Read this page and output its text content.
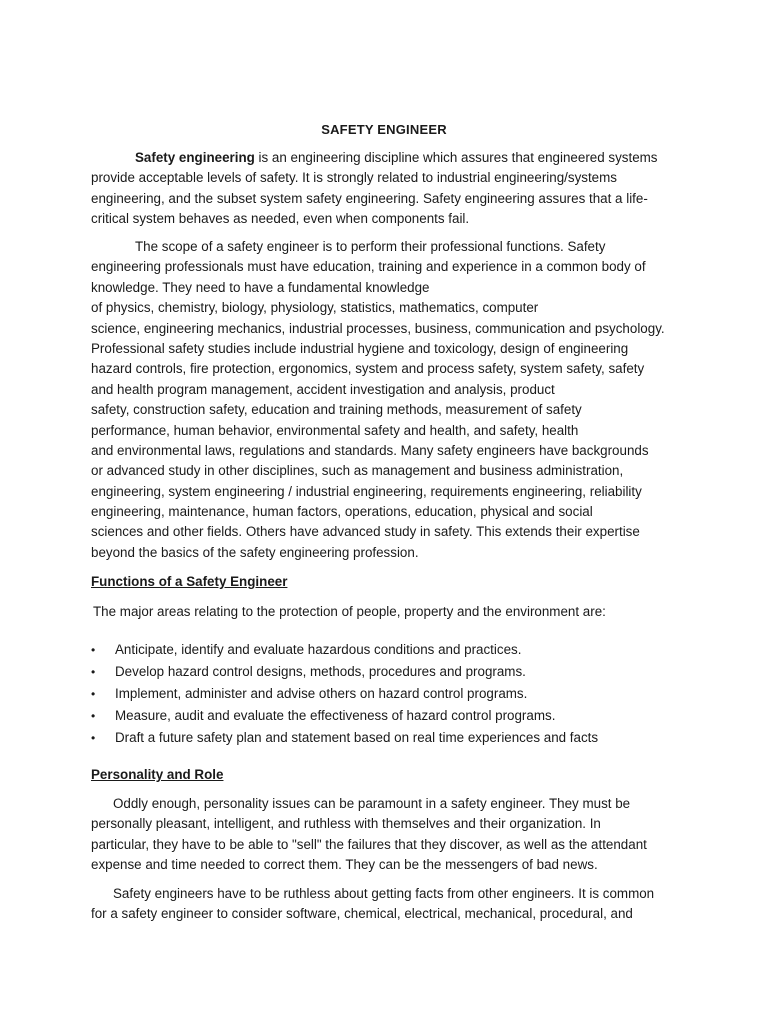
SAFETY ENGINEER
Safety engineering is an engineering discipline which assures that engineered systems
provide acceptable levels of safety. It is strongly related to industrial engineering/systems
engineering, and the subset system safety engineering. Safety engineering assures that a life-
critical system behaves as needed, even when components fail.
The scope of a safety engineer is to perform their professional functions. Safety
engineering professionals must have education, training and experience in a common body of
knowledge. They need to have a fundamental knowledge
of physics, chemistry, biology, physiology, statistics, mathematics, computer
science, engineering mechanics, industrial processes, business, communication and psychology.
Professional safety studies include industrial hygiene and toxicology, design of engineering
hazard controls, fire protection, ergonomics, system and process safety, system safety, safety
and health program management, accident investigation and analysis, product
safety, construction safety, education and training methods, measurement of safety
performance, human behavior, environmental safety and health, and safety, health
and environmental laws, regulations and standards. Many safety engineers have backgrounds
or advanced study in other disciplines, such as management and business administration,
engineering, system engineering / industrial engineering, requirements engineering, reliability
engineering, maintenance, human factors, operations, education, physical and social
sciences and other fields. Others have advanced study in safety. This extends their expertise
beyond the basics of the safety engineering profession.
Functions of a Safety Engineer
The major areas relating to the protection of people, property and the environment are:
• Anticipate, identify and evaluate hazardous conditions and practices.
• Develop hazard control designs, methods, procedures and programs.
• Implement, administer and advise others on hazard control programs.
• Measure, audit and evaluate the effectiveness of hazard control programs.
• Draft a future safety plan and statement based on real time experiences and facts
Personality and Role
Oddly enough, personality issues can be paramount in a safety engineer. They must be
personally pleasant, intelligent, and ruthless with themselves and their organization. In
particular, they have to be able to "sell" the failures that they discover, as well as the attendant
expense and time needed to correct them. They can be the messengers of bad news.
Safety engineers have to be ruthless about getting facts from other engineers. It is common
for a safety engineer to consider software, chemical, electrical, mechanical, procedural, and
